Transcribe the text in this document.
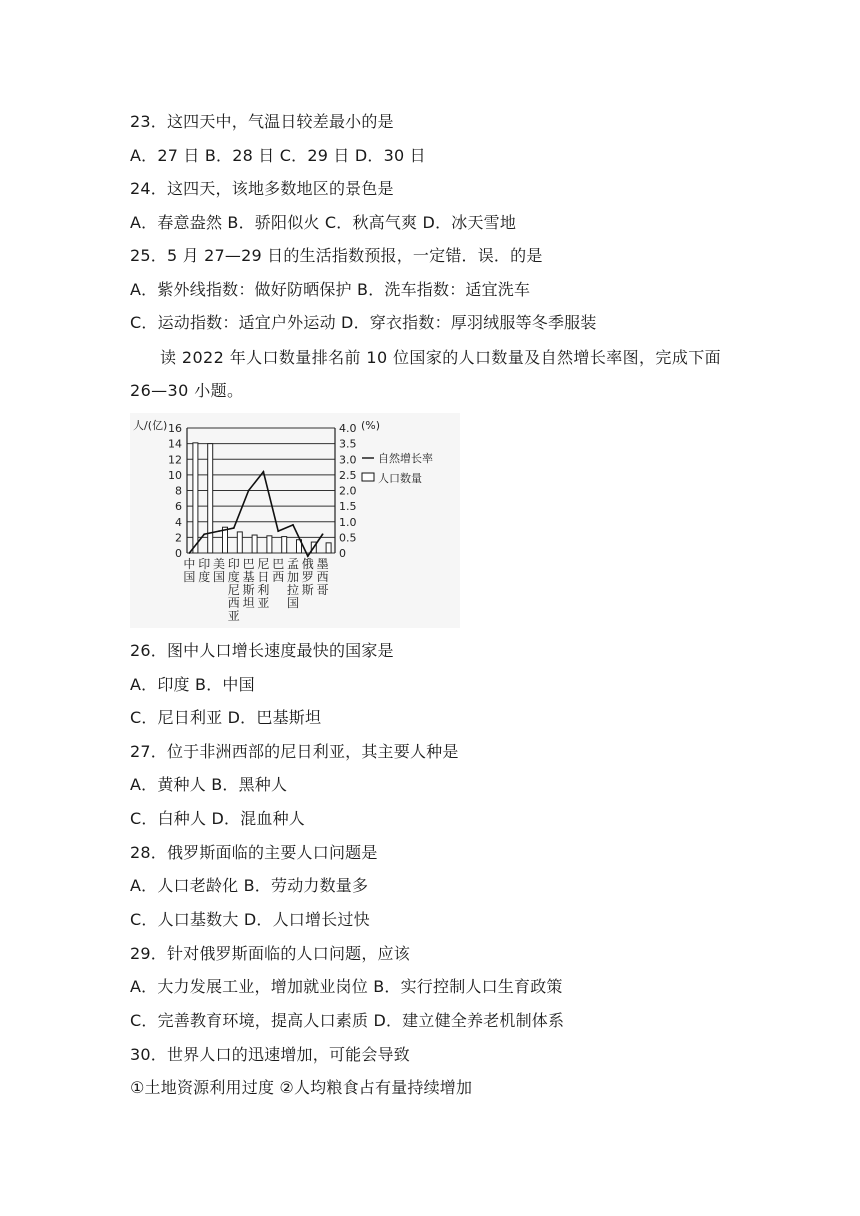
23．这四天中，气温日较差最小的是
A．27 日 B．28 日 C．29 日 D．30 日
24．这四天，该地多数地区的景色是
A．春意盎然 B．骄阳似火 C．秋高气爽 D．冰天雪地
25．5 月 27—29 日的生活指数预报，一定错．误．的是
A．紫外线指数：做好防晒保护 B．洗车指数：适宜洗车
C．运动指数：适宜户外运动 D．穿衣指数：厚羽绒服等冬季服装
读 2022 年人口数量排名前 10 位国家的人口数量及自然增长率图，完成下面 26—30 小题。
0
2
4
6
8
10
12
14
16
0
0.5
1.0
1.5
2.0
2.5
3.0
3.5
4.0
人/(亿)	(%)
中国
印度
美国
印度尼西亚
巴基斯坦
尼日利亚
巴西
孟加拉国
俄罗斯
墨西哥
自然增长率
人口数量
26．图中人口增长速度最快的国家是
A．印度 B．中国
C．尼日利亚 D．巴基斯坦
27．位于非洲西部的尼日利亚，其主要人种是
A．黄种人 B．黑种人
C．白种人 D．混血种人
28．俄罗斯面临的主要人口问题是
A．人口老龄化 B．劳动力数量多
C．人口基数大 D．人口增长过快
29．针对俄罗斯面临的人口问题，应该
A．大力发展工业，增加就业岗位 B．实行控制人口生育政策
C．完善教育环境，提高人口素质 D．建立健全养老机制体系
30．世界人口的迅速增加，可能会导致
①土地资源利用过度 ②人均粮食占有量持续增加
